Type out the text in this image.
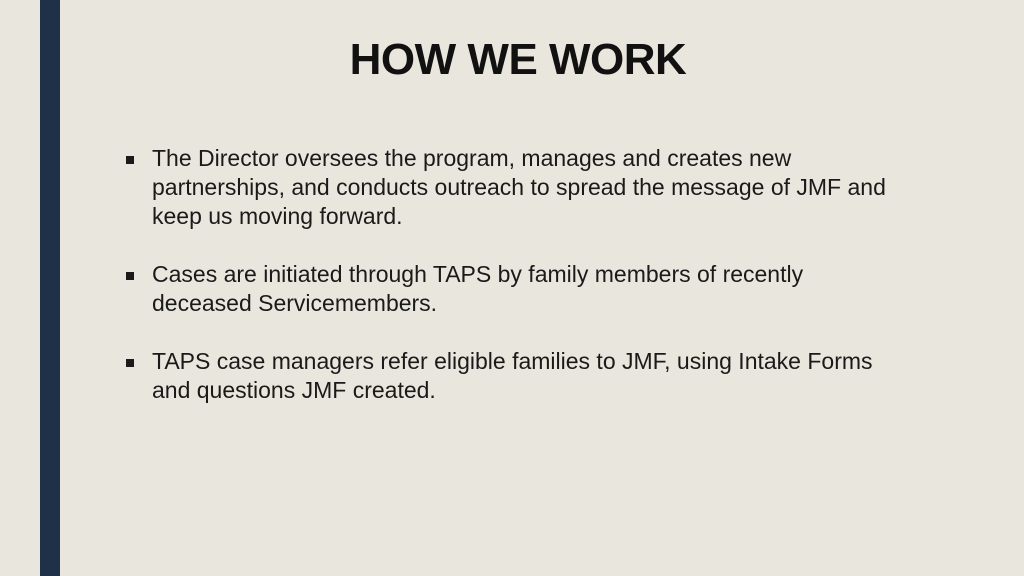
HOW WE WORK
The Director oversees the program, manages and creates new partnerships, and conducts outreach to spread the message of JMF and keep us moving forward.
Cases are initiated through TAPS by family members of recently deceased Servicemembers.
TAPS case managers refer eligible families to JMF, using Intake Forms and questions JMF created.
